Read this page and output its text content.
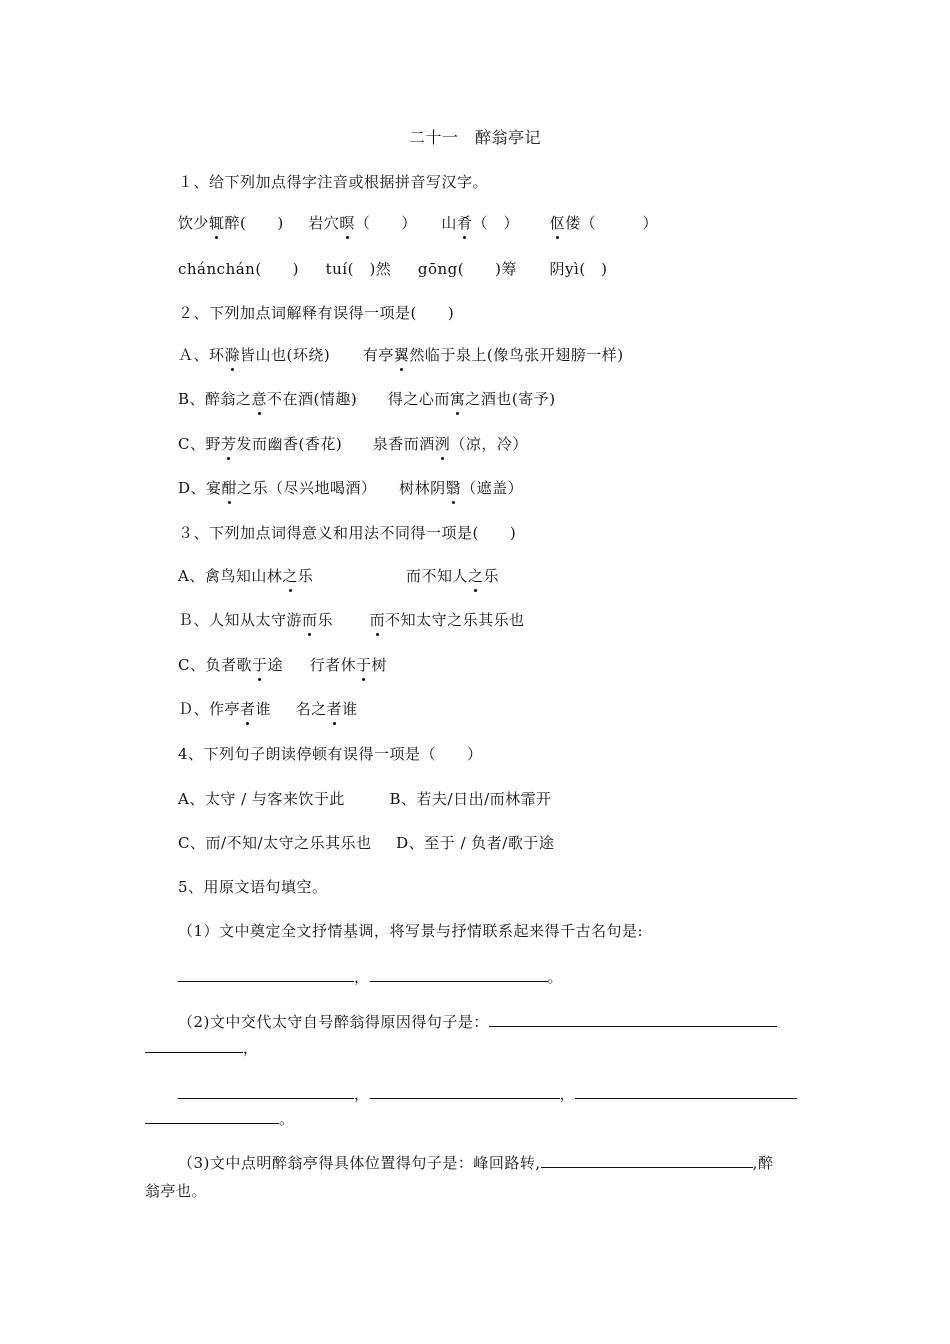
二十一　醉翁亭记
１、给下列加点得字注音或根据拼音写汉字。
饮少辄醉(　　) 岩穴暝（　　） 山肴（　） 伛偻（　　　）
chánchán(　　) tuí(　)然 gōng(　　)筹 阴yì(　)
２、下列加点词解释有误得一项是(　　)
Ａ、环滁皆山也(环绕) 有亭翼然临于泉上(像鸟张开翅膀一样)
B、醉翁之意不在酒(情趣) 得之心而寓之酒也(寄予)
C、野芳发而幽香(香花) 泉香而酒洌（凉，冷）
D、宴酣之乐（尽兴地喝酒） 树林阴翳（遮盖）
３、下列加点词得意义和用法不同得一项是(　　)
A、禽鸟知山林之乐	而不知人之乐
Ｂ、人知从太守游而乐 而不知太守之乐其乐也
C、负者歌于途 行者休于树
Ｄ、作亭者谁 名之者谁
4、下列句子朗读停顿有误得一项是（　　）
A、太守 / 与客来饮于此	B、若夫/日出/而林霏开
C、而/不知/太守之乐其乐也 D、至于 / 负者/歌于途
5、用原文语句填空。
（1）文中奠定全文抒情基调，将写景与抒情联系起来得千古名句是:
，	。
（2)文中交代太守自号醉翁得原因得句子是：
，
，	，
。
（3)文中点明醉翁亭得具体位置得句子是：峰回路转,	,醉
翁亭也。
